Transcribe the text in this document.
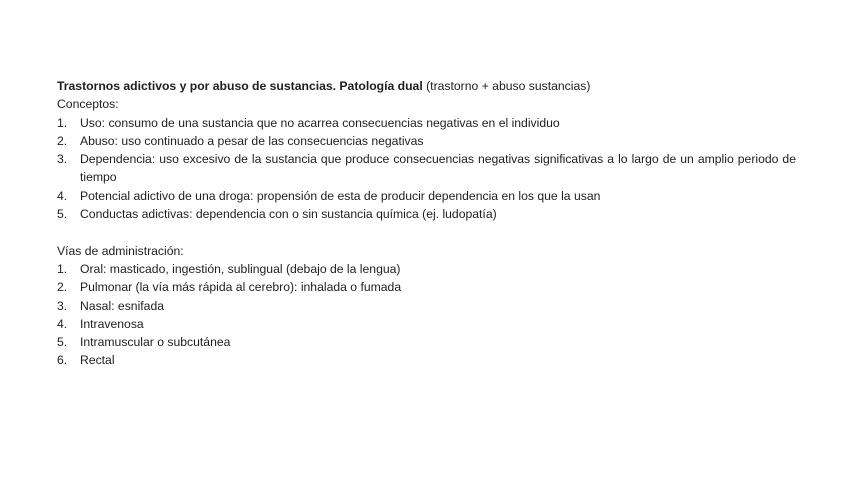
Trastornos adictivos y por abuso de sustancias. Patología dual (trastorno + abuso sustancias)

Conceptos:

1. Uso: consumo de una sustancia que no acarrea consecuencias negativas en el individuo
2. Abuso: uso continuado a pesar de las consecuencias negativas
3. Dependencia: uso excesivo de la sustancia que produce consecuencias negativas significativas a lo largo de un amplio periodo de tiempo
4. Potencial adictivo de una droga: propensión de esta de producir dependencia en los que la usan
5. Conductas adictivas: dependencia con o sin sustancia química (ej. ludopatía)

Vías de administración:

1. Oral: masticado, ingestión, sublingual (debajo de la lengua)
2. Pulmonar (la vía más rápida al cerebro): inhalada o fumada
3. Nasal: esnifada
4. Intravenosa
5. Intramuscular o subcutánea
6. Rectal
